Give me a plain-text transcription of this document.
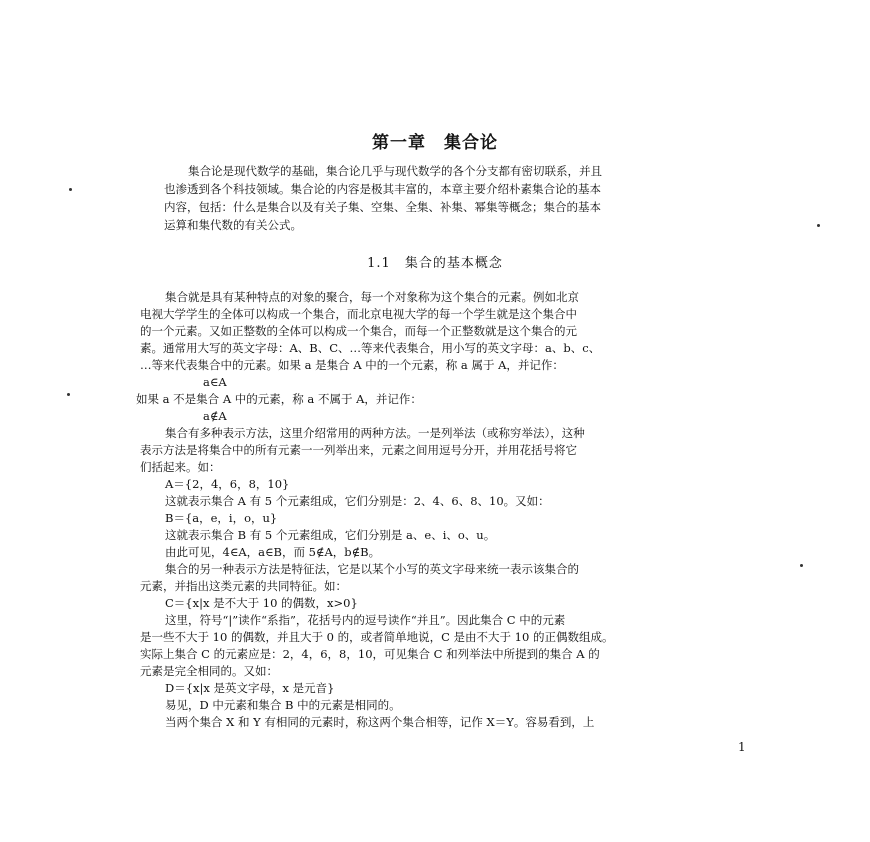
第一章　集合论
集合论是现代数学的基础，集合论几乎与现代数学的各个分支都有密切联系，并且
也渗透到各个科技领域。集合论的内容是极其丰富的，本章主要介绍朴素集合论的基本
内容，包括：什么是集合以及有关子集、空集、全集、补集、幂集等概念；集合的基本
运算和集代数的有关公式。
1.1　集合的基本概念
集合就是具有某种特点的对象的聚合，每一个对象称为这个集合的元素。例如北京
电视大学学生的全体可以构成一个集合，而北京电视大学的每一个学生就是这个集合中
的一个元素。又如正整数的全体可以构成一个集合，而每一个正整数就是这个集合的元
素。通常用大写的英文字母：A、B、C、…等来代表集合，用小写的英文字母：a、b、c、
…等来代表集合中的元素。如果 a 是集合 A 中的一个元素，称 a 属于 A，并记作：
a∈A
如果 a 不是集合 A 中的元素，称 a 不属于 A，并记作：
a∉A
集合有多种表示方法，这里介绍常用的两种方法。一是列举法（或称穷举法），这种
表示方法是将集合中的所有元素一一列举出来，元素之间用逗号分开，并用花括号将它
们括起来。如：
A＝{2，4，6，8，10}
这就表示集合 A 有 5 个元素组成，它们分别是：2、4、6、8、10。又如：
B＝{a，e，i，o，u}
这就表示集合 B 有 5 个元素组成，它们分别是 a、e、i、o、u。
由此可见，4∈A，a∈B，而 5∉A，b∉B。
集合的另一种表示方法是特征法，它是以某个小写的英文字母来统一表示该集合的
元素，并指出这类元素的共同特征。如：
C＝{x|x 是不大于 10 的偶数，x>0}
这里，符号“|”读作“系指”，花括号内的逗号读作“并且”。因此集合 C 中的元素
是一些不大于 10 的偶数，并且大于 0 的，或者简单地说，C 是由不大于 10 的正偶数组成。
实际上集合 C 的元素应是：2，4，6，8，10，可见集合 C 和列举法中所提到的集合 A 的
元素是完全相同的。又如：
D＝{x|x 是英文字母，x 是元音}
易见，D 中元素和集合 B 中的元素是相同的。
当两个集合 X 和 Y 有相同的元素时，称这两个集合相等，记作 X＝Y。容易看到，上
1
